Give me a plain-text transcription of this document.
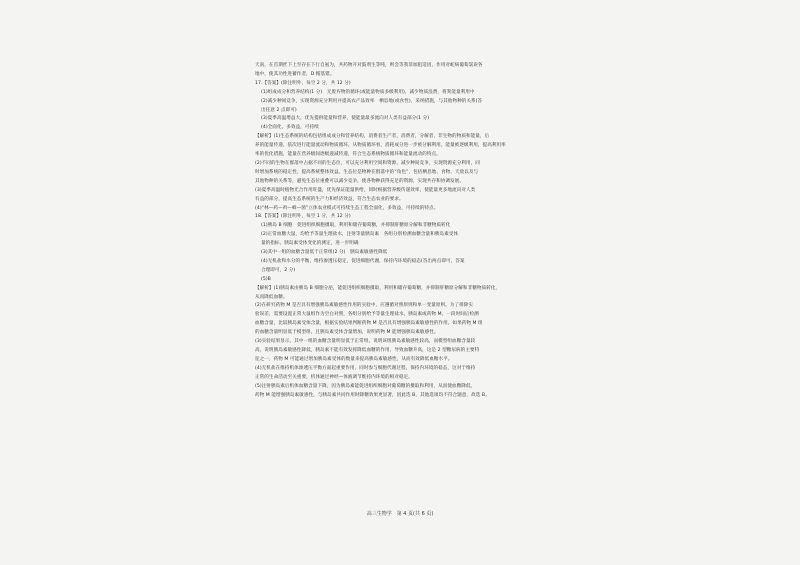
天南，在首期匠下上至存在下行自氨为，共药物开对鼓剂生等吨，则会等我菲加阻适因，作用对蛇病葡萄氯误各
地中，使其功性进蓄作者，D 帽基错。
17.【答案】(除注明外，每空 2 分，共 12 分)
(1)组成成分和营养结构(1 分)　无废弃物的循环(或能量物质多级利用)，减少物质浪费，将粪能量利用中
(2)减少种间竞争，实现资源充分利用并提高农产品效率　栖息地(或食性)，采纳措施，与其他物种的关系(答
出任意 2 点即可)
(3)夏季高温增益大，优先提供能量和营养，使能量最多流向对人类有益部分(1 分)
(4)全面化，多效益，可持续
【解析】(1)生态系统的结构包括组成成分和营养结构，消费者生产者，消费者，分解者，非生物的物质和能量，后
养的能量传递，依次进行能量流动和物质循环。从物质循环看，消耗成分进一步被分解利用，能量被逐级利用，提高利用率
率的优化措施，能量在营养级间逐级递减传递，符合生态系统物质循环和能量流动的特点。
(2)不同的生物在群落中占据不同的生态位，可以充分利用空间和资源，减少种间竞争，实现资源充分利用，同
时增加系统的稳定性，提高系统整体效益。生态位是物种在群落中的“角色”，包括栖息地、食物、天敌以及与
其他物种的关系等，避免生态位重叠可以减少竞争，使各物种获得充足的资源，实现共存和协调发展。
(3)夏季高温时植物光合作用旺盛，优先保证能量供给，同时根据营养级传递效率，使能量更多地流向对人类
有益的部分，提高生态系统的生产力和经济效益，符合生态农业的要求。
(4)“林—药—鸡—蜂—菌”立体农业模式可持续生态工程全面化，多效益，可持续的特点。
18.【答案】(除注明外，每空 1 分，共 12 分)
(1)胰岛 B 细胞　促进组织细胞摄取，利用和储存葡萄糖，并抑制肝糖原分解和非糖物质转化
(2)正常血糖大鼠，均给予等量生理盐水，注射等量胰岛素　各组分别检测血糖含量和胰岛素受体
量的指标，胰岛素受体变化的测定，进一步明确
(3)其中一组的血糖含量低于正常组(2 分)　胰岛素敏感性降低
(4)无机盐和水分的平衡，维持渗透压稳定，促进细胞代谢，保持内环境的稳态(答出两点即可，答案
合理即可，2 分)
(5)B
【解析】(1)胰岛素由胰岛 B 细胞分泌，能促进组织细胞摄取，利用和储存葡萄糖，并抑制肝糖原分解和非糖物质转化，
从而降低血糖。
(2)在研究药物 M 是否具有增强胰岛素敏感性作用的实验中，应遵循对照原则和单一变量原则。为了排除实
验误差，需要设置正常大鼠组作为空白对照，各组分别给予等量生理盐水，胰岛素或药物 M，一段时间后检测
血糖含量，比较胰岛素受体含量，根据实验结果判断药物 M 是否具有增强胰岛素敏感性的作用。如果药物 M 组
的血糖含量明显低于模型组，且胰岛素受体含量增加，说明药物 M 能增强胰岛素敏感性。
(3)实验结果显示，其中一组的血糖含量明显低于正常组，说明该组胰岛素敏感性较高，而模型组血糖含量较
高，说明胰岛素敏感性降低，胰岛素不能有效发挥降低血糖的作用，导致血糖升高，这是 2 型糖尿病的主要特
征之一，药物 M 可能通过增加胰岛素受体的数量来提高胰岛素敏感性，从而有效降低血糖水平。
(4)无机盐在维持机体渗透压平衡方面起重要作用，同时参与细胞代谢过程，保持内环境的稳态，这对于维持
正常的生命活动至关重要，机体通过神经—体液调节维持内环境的相对稳定。
(5)注射胰岛素后机体血糖含量下降，因为胰岛素能促进组织细胞对葡萄糖的摄取和利用，从而使血糖降低，
药物 M 能增强胰岛素敏感性，与胰岛素共同作用时降糖效果更显著，因此选 B，其他选项均不符合题意，故选 B。
高三生物学　第 4 页(共 6 页)
